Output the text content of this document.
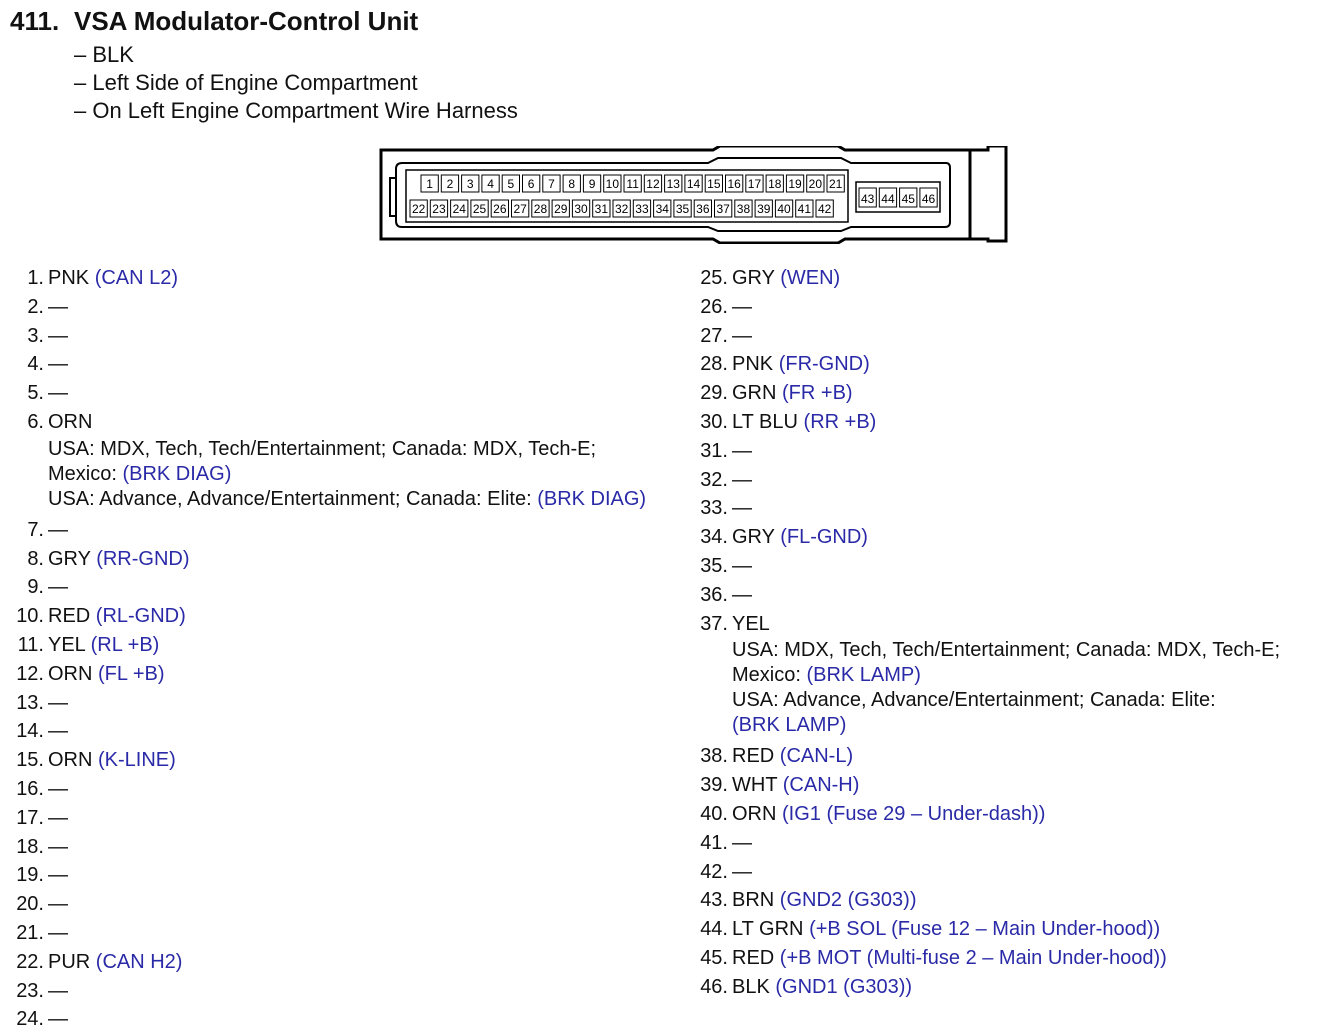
411. VSA Modulator-Control Unit
– BLK
– Left Side of Engine Compartment
– On Left Engine Compartment Wire Harness
1 2 3 4 5 6 7 8 9 10 11 12 13 14 15 16 17 18 19 20 21
22 23 24 25 26 27 28 29 30 31 32 33 34 35 36 37 38 39 40 41 42
43 44 45 46
1. PNK (CAN L2)
2. —
3. —
4. —
5. —
6. ORN
USA: MDX, Tech, Tech/Entertainment; Canada: MDX, Tech-E;
Mexico: (BRK DIAG)
USA: Advance, Advance/Entertainment; Canada: Elite: (BRK DIAG)
7. —
8. GRY (RR-GND)
9. —
10. RED (RL-GND)
11. YEL (RL +B)
12. ORN (FL +B)
13. —
14. —
15. ORN (K-LINE)
16. —
17. —
18. —
19. —
20. —
21. —
22. PUR (CAN H2)
23. —
24. —
25. GRY (WEN)
26. —
27. —
28. PNK (FR-GND)
29. GRN (FR +B)
30. LT BLU (RR +B)
31. —
32. —
33. —
34. GRY (FL-GND)
35. —
36. —
37. YEL
USA: MDX, Tech, Tech/Entertainment; Canada: MDX, Tech-E;
Mexico: (BRK LAMP)
USA: Advance, Advance/Entertainment; Canada: Elite:
(BRK LAMP)
38. RED (CAN-L)
39. WHT (CAN-H)
40. ORN (IG1 (Fuse 29 – Under-dash))
41. —
42. —
43. BRN (GND2 (G303))
44. LT GRN (+B SOL (Fuse 12 – Main Under-hood))
45. RED (+B MOT (Multi-fuse 2 – Main Under-hood))
46. BLK (GND1 (G303))
